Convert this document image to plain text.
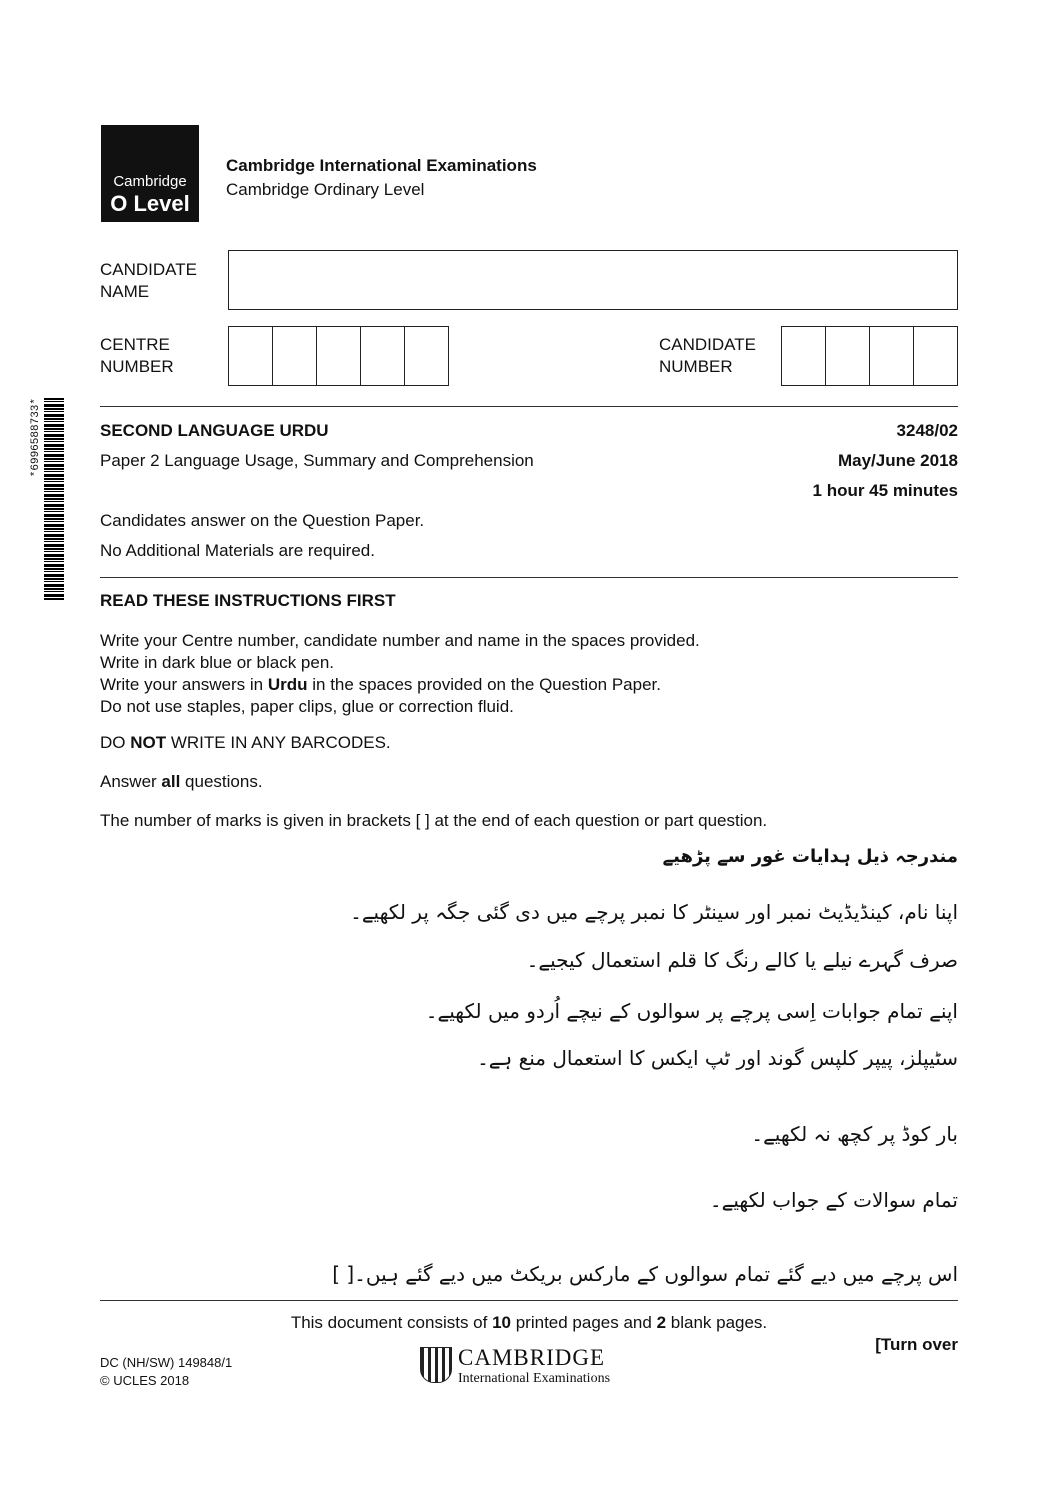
Cambridge
O Level
Cambridge International Examinations
Cambridge Ordinary Level
CANDIDATE
NAME
CENTRE
NUMBER
CANDIDATE
NUMBER
*6996588733*	SECOND LANGUAGE URDU	3248/02
Paper 2 Language Usage, Summary and Comprehension	May/June 2018
1 hour 45 minutes
Candidates answer on the Question Paper.
No Additional Materials are required.
READ THESE INSTRUCTIONS FIRST
Write your Centre number, candidate number and name in the spaces provided.
Write in dark blue or black pen.
Write your answers in Urdu in the spaces provided on the Question Paper.
Do not use staples, paper clips, glue or correction fluid.
DO NOT WRITE IN ANY BARCODES.
Answer all questions.
The number of marks is given in brackets [ ] at the end of each question or part question.
مندرجہ ذیل ہدایات غور سے پڑھیے
اپنا نام، کینڈیڈیٹ نمبر اور سینٹر کا نمبر پرچے میں دی گئی جگہ پر لکھیے۔
صرف گہرے نیلے یا کالے رنگ کا قلم استعمال کیجیے۔
اپنے تمام جوابات اِسی پرچے پر سوالوں کے نیچے اُردو میں لکھیے۔
سٹیپلز، پیپر کلپس گوند اور ٹپ ایکس کا استعمال منع ہے۔
بار کوڈ پر کچھ نہ لکھیے۔
تمام سوالات کے جواب لکھیے۔
اس پرچے میں دیے گئے تمام سوالوں کے مارکس بریکٹ میں دیے گئے ہیں۔[ ]
This document consists of 10 printed pages and 2 blank pages.
DC (NH/SW) 149848/1
© UCLES 2018
CAMBRIDGE
International Examinations
[Turn over
